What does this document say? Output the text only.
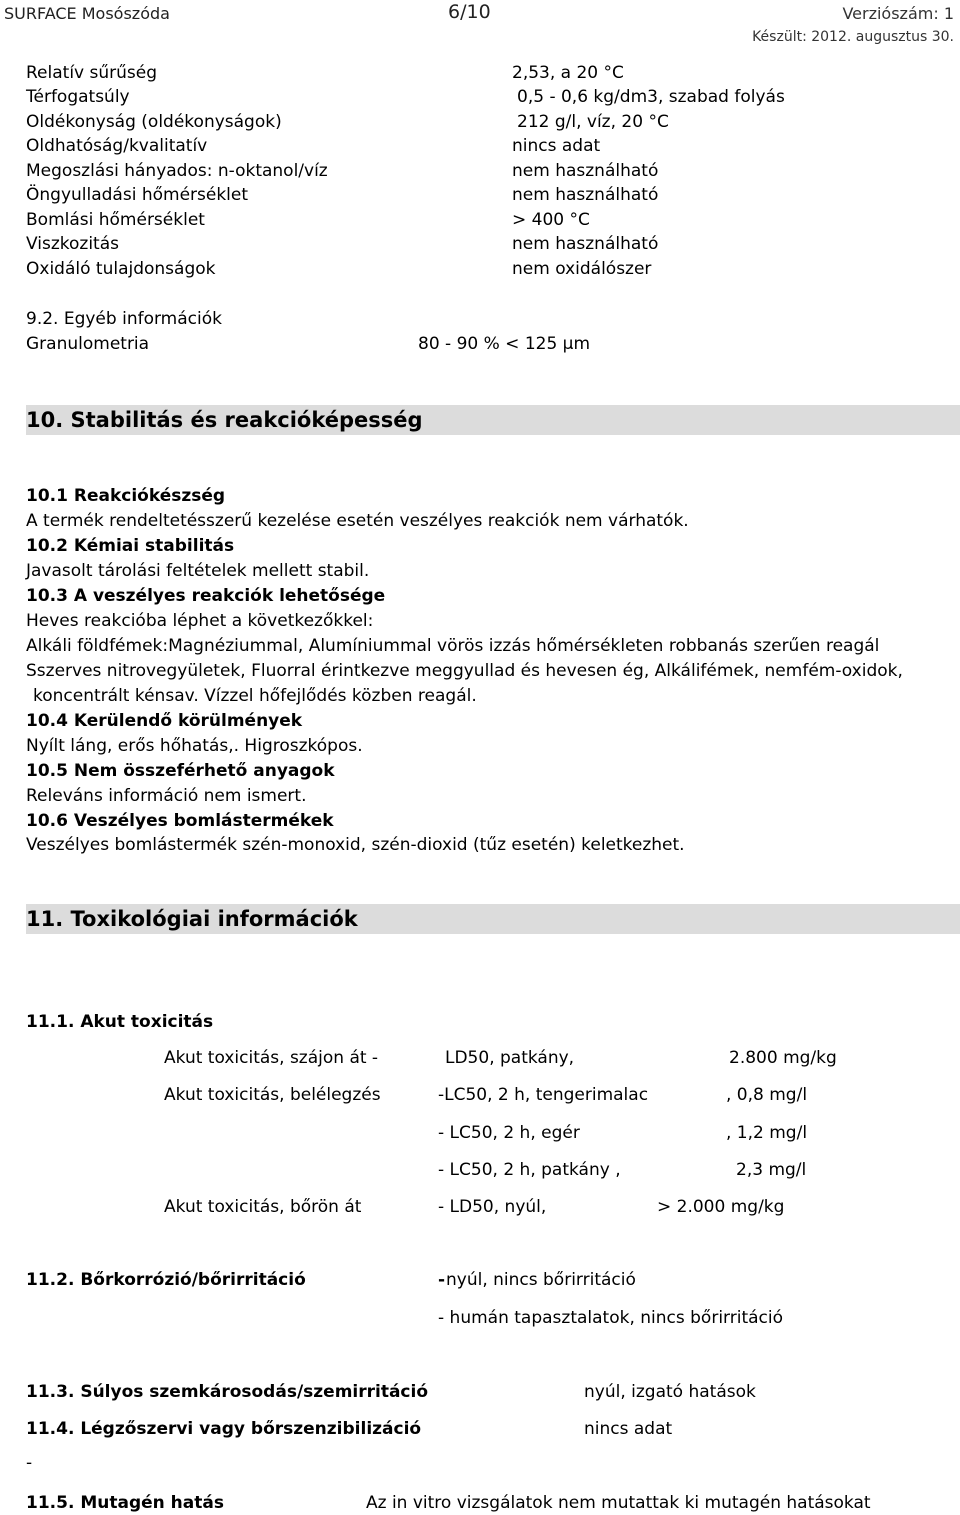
SURFACE Mosószóda	6/10	Verziószám: 1
Készült: 2012. augusztus 30.
Relatív sűrűség	2,53, a 20 °C
Térfogatsúly	0,5 - 0,6 kg/dm3, szabad folyás
Oldékonyság (oldékonyságok)	212 g/l, víz, 20 °C
Oldhatóság/kvalitatív	nincs adat
Megoszlási hányados: n-oktanol/víz	nem használható
Öngyulladási hőmérséklet	nem használható
Bomlási hőmérséklet	> 400 °C
Viszkozitás	nem használható
Oxidáló tulajdonságok	nem oxidálószer
9.2. Egyéb információk
Granulometria	80 - 90 % < 125 μm
10. Stabilitás és reakcióképesség
10.1 Reakciókészség
A termék rendeltetésszerű kezelése esetén veszélyes reakciók nem várhatók.
10.2 Kémiai stabilitás
Javasolt tárolási feltételek mellett stabil.
10.3 A veszélyes reakciók lehetősége
Heves reakcióba léphet a következőkkel:
Alkáli földfémek:Magnéziummal, Alumíniummal vörös izzás hőmérsékleten robbanás szerűen reagál
Sszerves nitrovegyületek, Fluorral érintkezve meggyullad és hevesen ég, Alkálifémek, nemfém-oxidok,
koncentrált kénsav. Vízzel hőfejlődés közben reagál.
10.4 Kerülendő körülmények
Nyílt láng, erős hőhatás,. Higroszkópos.
10.5 Nem összeférhető anyagok
Releváns információ nem ismert.
10.6 Veszélyes bomlástermékek
Veszélyes bomlástermék szén-monoxid, szén-dioxid (tűz esetén) keletkezhet.
11. Toxikológiai információk
11.1. Akut toxicitás
Akut toxicitás, szájon át -	LD50, patkány,	2.800 mg/kg
Akut toxicitás, belélegzés	-LC50, 2 h, tengerimalac	, 0,8 mg/l
- LC50, 2 h, egér	, 1,2 mg/l
- LC50, 2 h, patkány ,	2,3 mg/l
Akut toxicitás, bőrön át	- LD50, nyúl,	> 2.000 mg/kg
11.2. Bőrkorrózió/bőrirritáció	- nyúl, nincs bőrirritáció
- humán tapasztalatok, nincs bőrirritáció
11.3. Súlyos szemkárosodás/szemirritáció	nyúl, izgató hatások
11.4. Légzőszervi vagy bőrszenzibilizáció	nincs adat
-
11.5. Mutagén hatás	Az in vitro vizsgálatok nem mutattak ki mutagén hatásokat
